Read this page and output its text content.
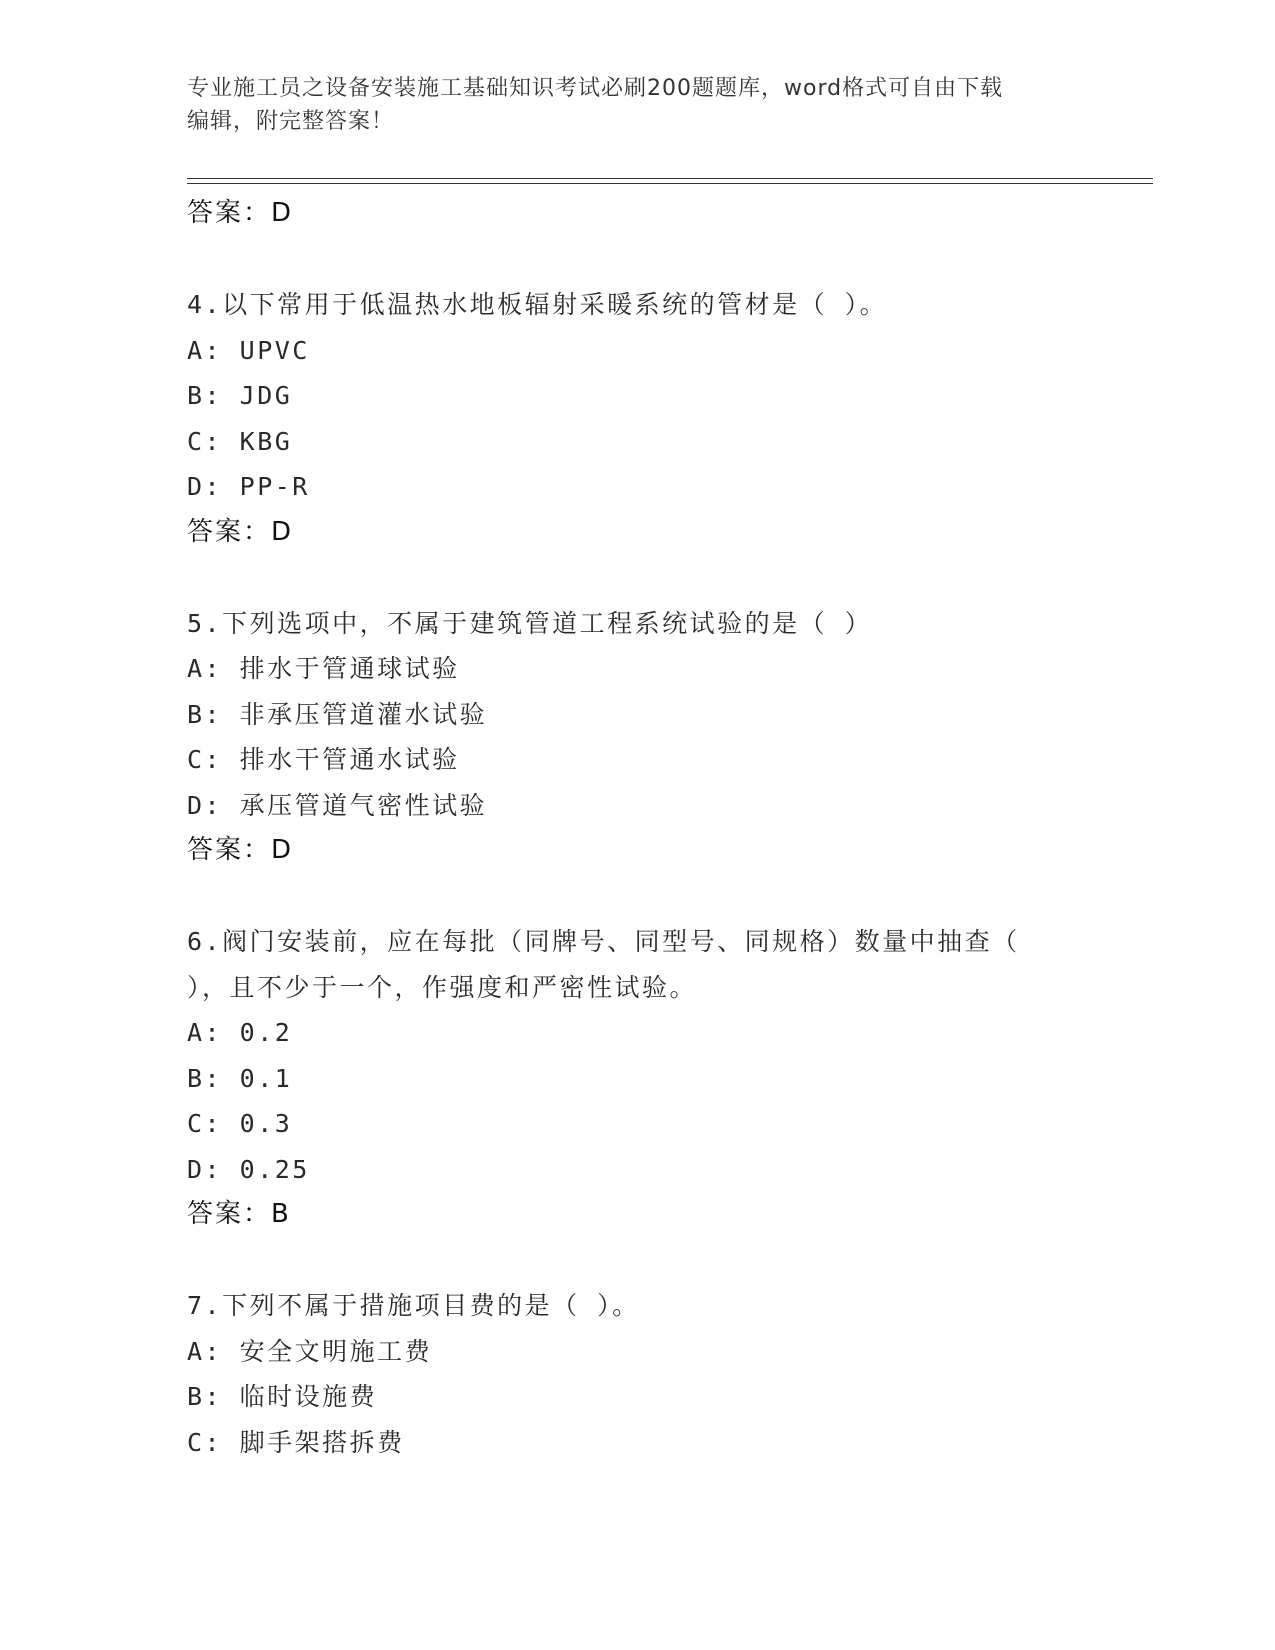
专业施工员之设备安装施工基础知识考试必刷200题题库，word格式可自由下载
编辑，附完整答案！
答案：D
4.以下常用于低温热水地板辐射采暖系统的管材是（ ）。
A: UPVC
B: JDG
C: KBG
D: PP-R
答案：D
5.下列选项中，不属于建筑管道工程系统试验的是（ ）
A: 排水于管通球试验
B: 非承压管道灌水试验
C: 排水干管通水试验
D: 承压管道气密性试验
答案：D
6.阀门安装前，应在每批（同牌号、同型号、同规格）数量中抽查（
），且不少于一个，作强度和严密性试验。
A: 0.2
B: 0.1
C: 0.3
D: 0.25
答案：B
7.下列不属于措施项目费的是（ ）。
A: 安全文明施工费
B: 临时设施费
C: 脚手架搭拆费
